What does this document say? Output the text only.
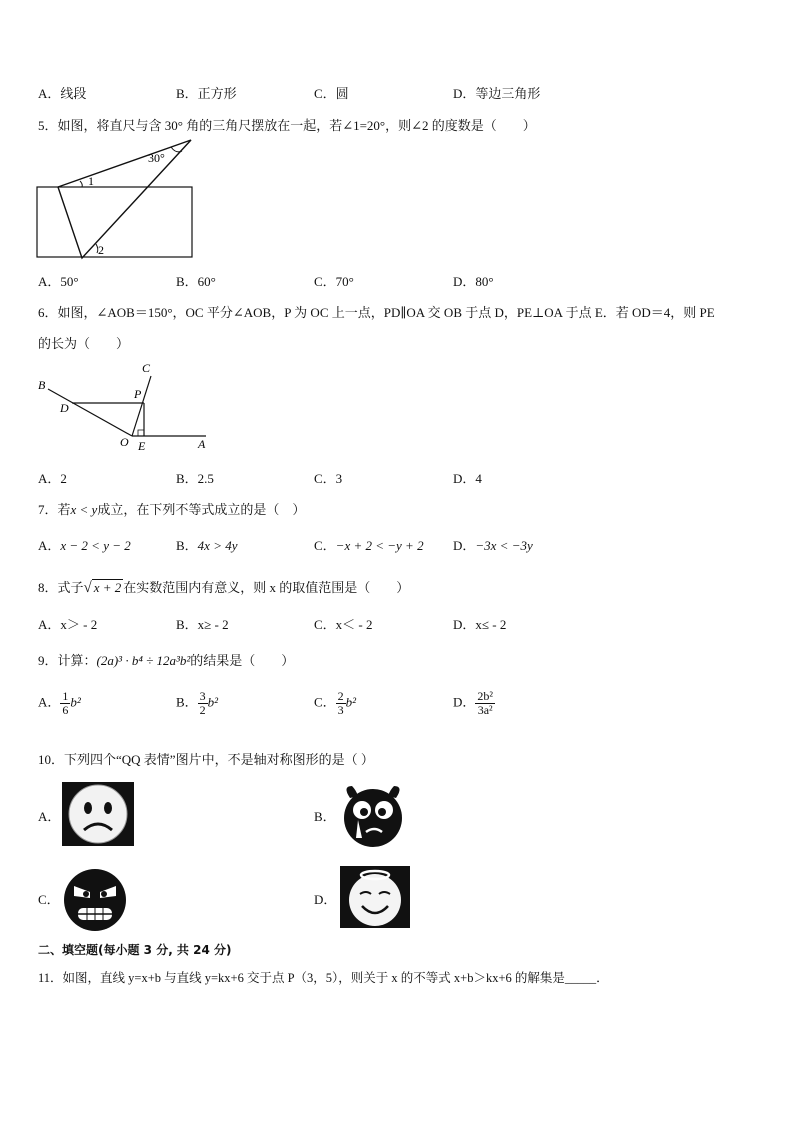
A．线段	B．正方形	C．圆	D．等边三角形
5．如图，将直尺与含 30° 角的三角尺摆放在一起，若∠1=20°，则∠2 的度数是（　　）
30°
1
2
A．50°	B．60°	C．70°	D．80°
6．如图，∠AOB＝150°，OC 平分∠AOB，P 为 OC 上一点，PD∥OA 交 OB 于点 D，PE⊥OA 于点 E．若 OD＝4，则 PE
的长为（　　）
B
C
P
D
O E	A
A．2	B．2.5	C．3	D．4
7．若x < y成立，在下列不等式成立的是（　）
A．x − 2 < y − 2	B．4x > 4y	C．−x + 2 < −y + 2 D．−3x < −3y
8．式子√ x + 2 在实数范围内有意义，则 x 的取值范围是（　　）
A．x＞ - 2	B．x≥ - 2	C．x＜ - 2	D．x≤ - 2
9．计算：(2a)³ · b⁴ ÷ 12a³b²的结果是（　　）
A． $\frac{1}{6} b^2$	B． $\frac{3}{2} b^2$	C． $\frac{2}{3} b^2$	D． $\frac{\text{2b²}}{\text{3a²}}$
10．下列四个“QQ 表情”图片中，不是轴对称图形的是（ ）
A．	B．
C．	D．
二、填空题(每小题 3 分, 共 24 分)
11．如图，直线 y=x+b 与直线 y=kx+6 交于点 P（3，5），则关于 x 的不等式 x+b＞kx+6 的解集是_____．
